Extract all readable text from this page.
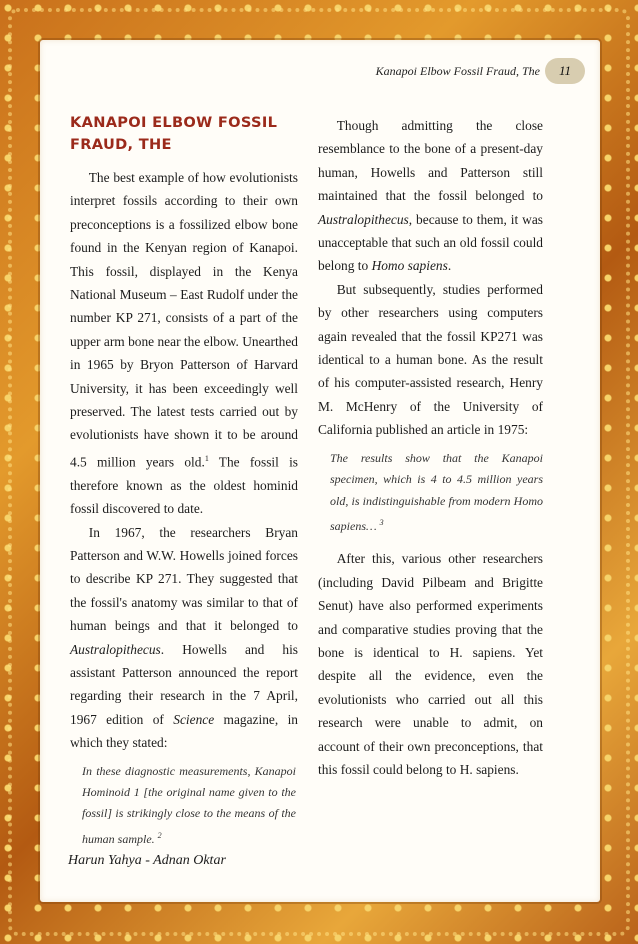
Kanapoi Elbow Fossil Fraud, The	11
KANAPOI ELBOW FOSSIL
FRAUD, THE

The best example of how evolutionists interpret fossils according to their own preconceptions is a fossilized elbow bone found in the Kenyan region of Kanapoi. This fossil, displayed in the Kenya National Museum – East Rudolf under the number KP 271, consists of a part of the upper arm bone near the elbow. Unearthed in 1965 by Bryon Patterson of Harvard University, it has been exceedingly well preserved. The latest tests carried out by evolutionists have shown it to be around 4.5 million years old.$^1$ The fossil is therefore known as the oldest hominid fossil discovered to date.

In 1967, the researchers Bryan Patterson and W.W. Howells joined forces to describe KP 271. They suggested that the fossil's anatomy was similar to that of human beings and that it belonged to Australopithecus. Howells and his assistant Patterson announced the report regarding their research in the 7 April, 1967 edition of Science magazine, in which they stated:

In these diagnostic measurements, Kanapoi Hominoid 1 [the original name given to the fossil] is strikingly close to the means of the human sample. $^2$

Though admitting the close resemblance to the bone of a present-day human, Howells and Patterson still maintained that the fossil belonged to Australopithecus, because to them, it was unacceptable that such an old fossil could belong to Homo sapiens.

But subsequently, studies performed by other researchers using computers again revealed that the fossil KP271 was identical to a human bone. As the result of his computer-assisted research, Henry M. McHenry of the University of California published an article in 1975:

The results show that the Kanapoi specimen, which is 4 to 4.5 million years old, is indistinguishable from modern Homo sapiens… $^3$

After this, various other researchers (including David Pilbeam and Brigitte Senut) have also performed experiments and comparative studies proving that the bone is identical to H. sapiens. Yet despite all the evidence, even the evolutionists who carried out all this research were unable to admit, on account of their own preconceptions, that this fossil could belong to H. sapiens.

Harun Yahya - Adnan Oktar
